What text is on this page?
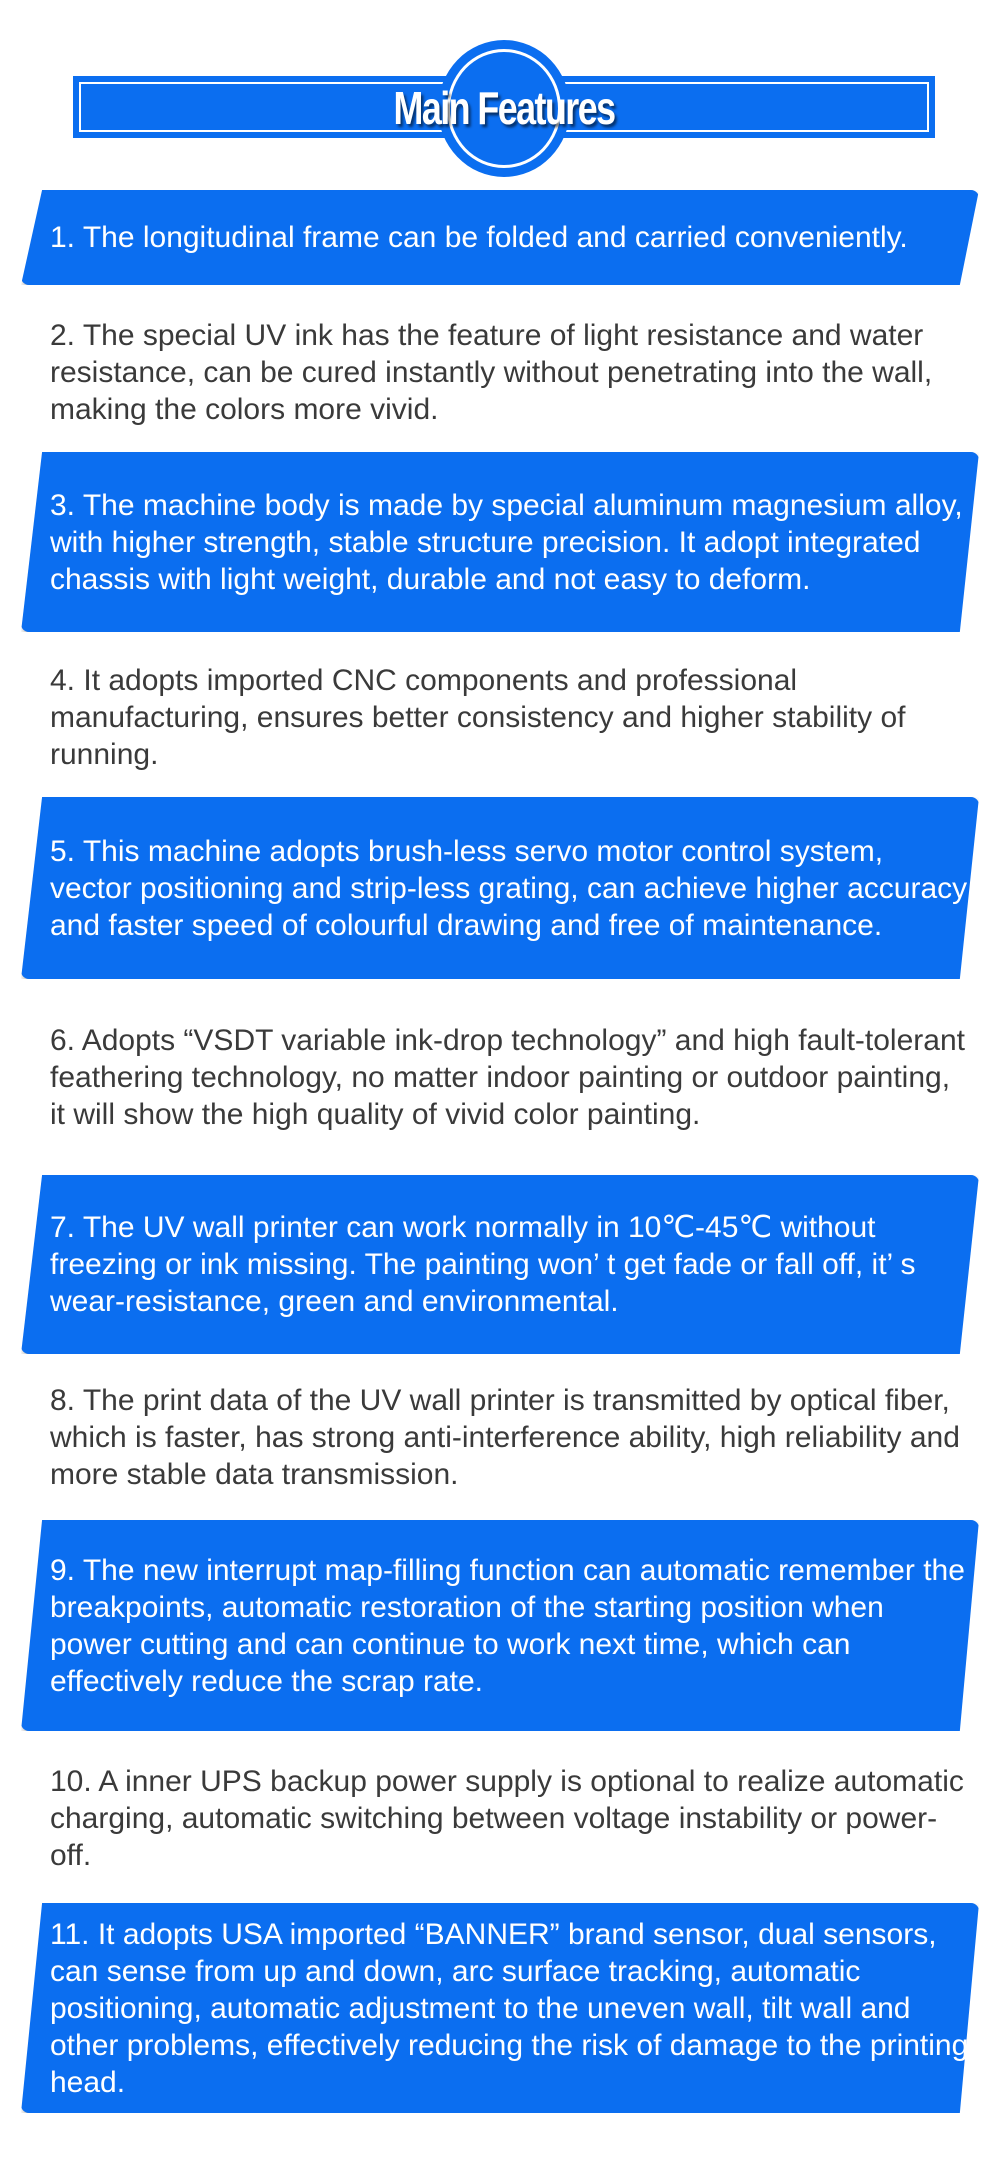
Main Features
1. The longitudinal frame can be folded and carried conveniently.
2. The special UV ink has the feature of light resistance and water resistance, can be cured instantly without penetrating into the wall, making the colors more vivid.
3. The machine body is made by special aluminum magnesium alloy, with higher strength, stable structure precision. It adopt integrated chassis with light weight, durable and not easy to deform.
4. It adopts imported CNC components and professional manufacturing, ensures better consistency and higher stability of running.
5. This machine adopts brush-less servo motor control system, vector positioning and strip-less grating, can achieve higher accuracy and faster speed of colourful drawing and free of maintenance.
6. Adopts “VSDT variable ink-drop technology” and high fault-tolerant feathering technology, no matter indoor painting or outdoor painting, it will show the high quality of vivid color painting.
7. The UV wall printer can work normally in 10℃-45℃ without freezing or ink missing. The painting won’ t get fade or fall off, it’ s wear-resistance, green and environmental.
8. The print data of the UV wall printer is transmitted by optical fiber, which is faster, has strong anti-interference ability, high reliability and more stable data transmission.
9. The new interrupt map-filling function can automatic remember the breakpoints, automatic restoration of the starting position when power cutting and can continue to work next time, which can effectively reduce the scrap rate.
10. A inner UPS backup power supply is optional to realize automatic charging, automatic switching between voltage instability or power-off.
11. It adopts USA imported “BANNER” brand sensor, dual sensors, can sense from up and down, arc surface tracking, automatic positioning, automatic adjustment to the uneven wall, tilt wall and other problems, effectively reducing the risk of damage to the printing head.
